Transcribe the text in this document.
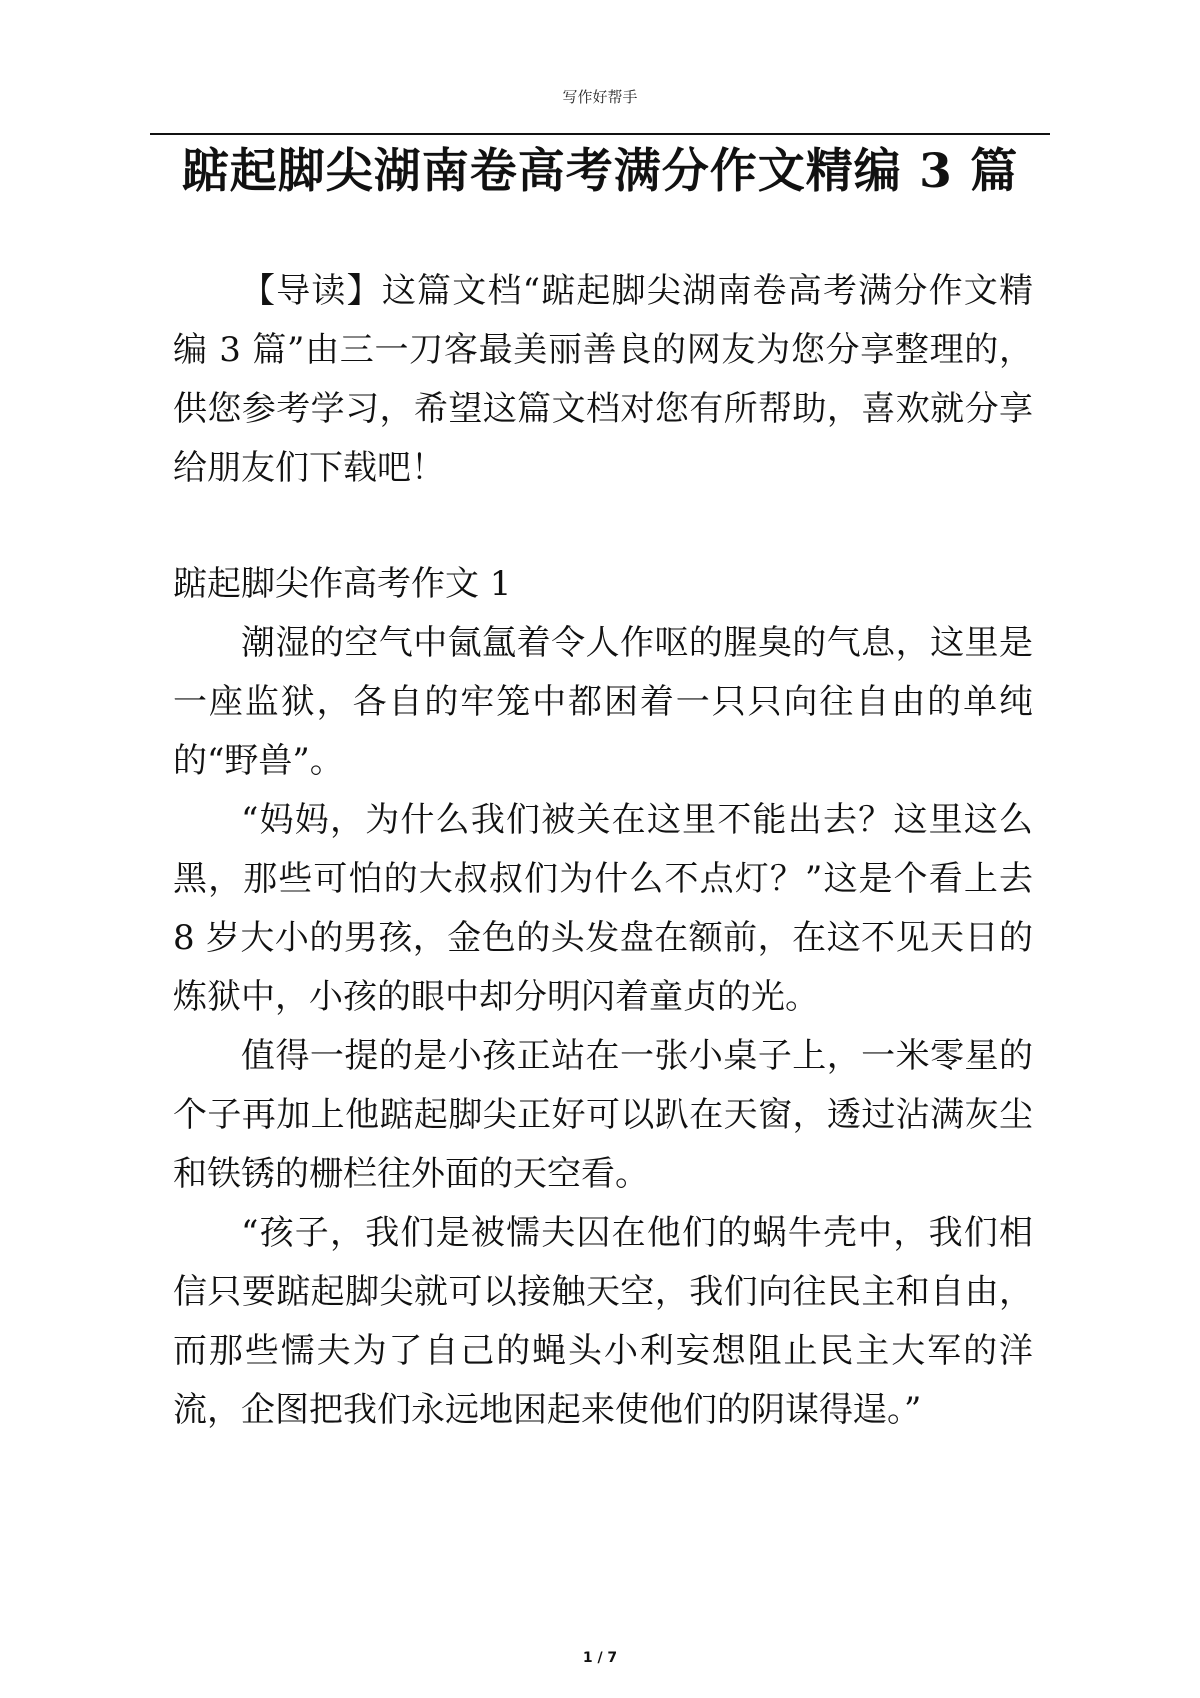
写作好帮手
踮起脚尖湖南卷高考满分作文精编 3 篇

【导读】这篇文档“踮起脚尖湖南卷高考满分作文精编 3 篇”由三一刀客最美丽善良的网友为您分享整理的，供您参考学习，希望这篇文档对您有所帮助，喜欢就分享给朋友们下载吧！

踮起脚尖作高考作文 1

潮湿的空气中氤氲着令人作呕的腥臭的气息，这里是一座监狱，各自的牢笼中都困着一只只向往自由的单纯的“野兽”。

“妈妈，为什么我们被关在这里不能出去？这里这么黑，那些可怕的大叔叔们为什么不点灯？”这是个看上去 8 岁大小的男孩，金色的头发盘在额前，在这不见天日的炼狱中，小孩的眼中却分明闪着童贞的光。

值得一提的是小孩正站在一张小桌子上，一米零星的个子再加上他踮起脚尖正好可以趴在天窗，透过沾满灰尘和铁锈的栅栏往外面的天空看。

“孩子，我们是被懦夫囚在他们的蜗牛壳中，我们相信只要踮起脚尖就可以接触天空，我们向往民主和自由，而那些懦夫为了自己的蝇头小利妄想阻止民主大军的洋流，企图把我们永远地困起来使他们的阴谋得逞。”

1 / 7
